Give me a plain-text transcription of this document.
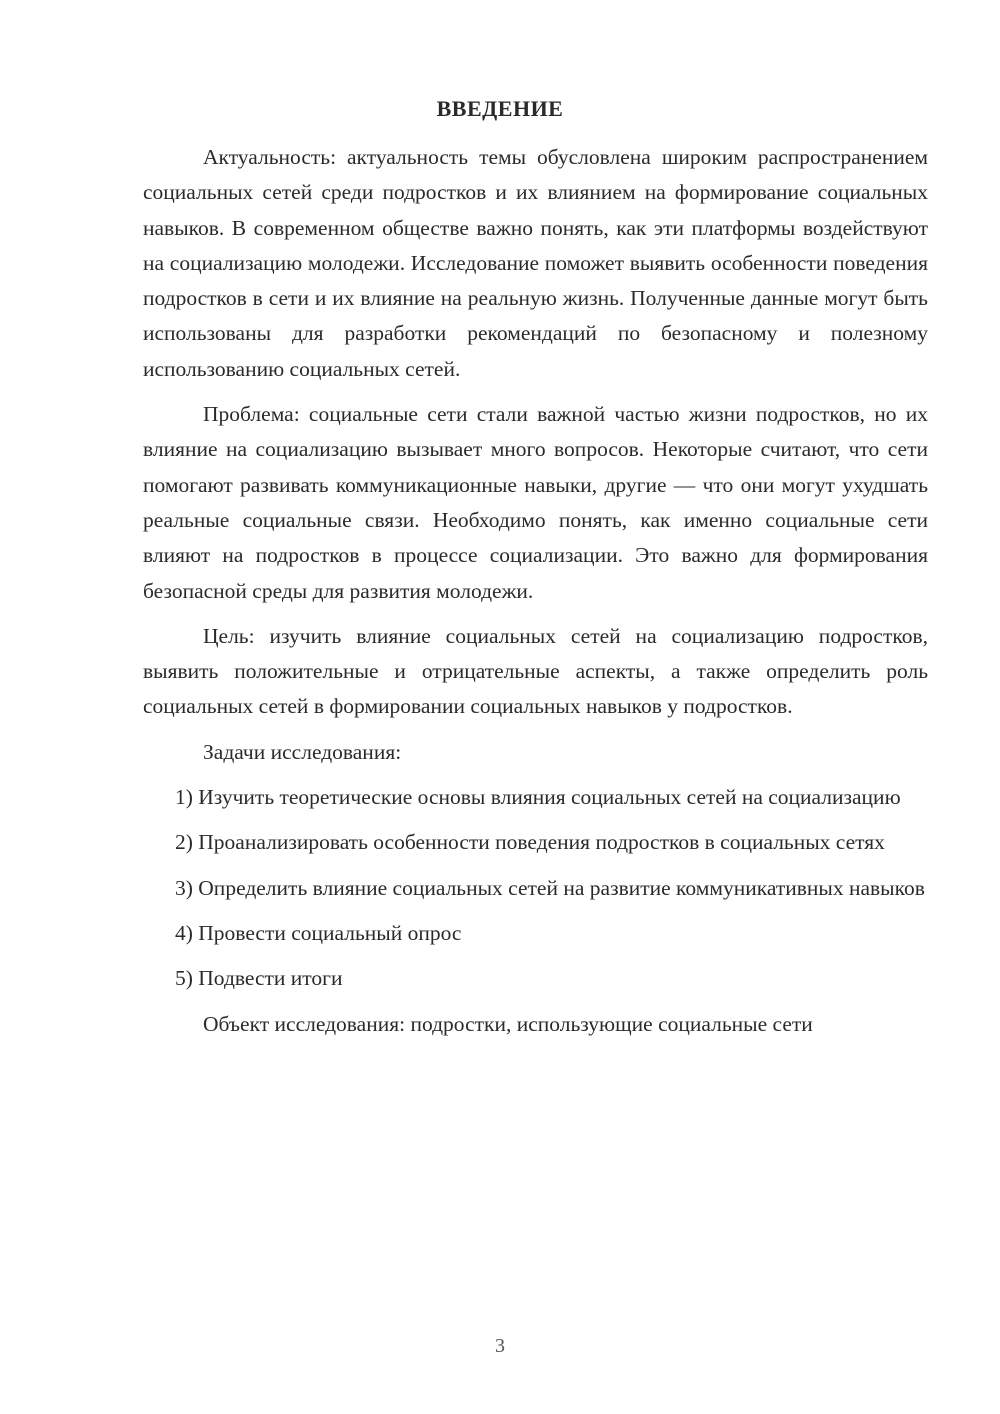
ВВЕДЕНИЕ

Актуальность: актуальность темы обусловлена широким распространением социальных сетей среди подростков и их влиянием на формирование социальных навыков. В современном обществе важно понять, как эти платформы воздействуют на социализацию молодежи. Исследование поможет выявить особенности поведения подростков в сети и их влияние на реальную жизнь. Полученные данные могут быть использованы для разработки рекомендаций по безопасному и полезному использованию социальных сетей.

Проблема: социальные сети стали важной частью жизни подростков, но их влияние на социализацию вызывает много вопросов. Некоторые считают, что сети помогают развивать коммуникационные навыки, другие — что они могут ухудшать реальные социальные связи. Необходимо понять, как именно социальные сети влияют на подростков в процессе социализации. Это важно для формирования безопасной среды для развития молодежи.

Цель: изучить влияние социальных сетей на социализацию подростков, выявить положительные и отрицательные аспекты, а также определить роль социальных сетей в формировании социальных навыков у подростков.

Задачи исследования:

1) Изучить теоретические основы влияния социальных сетей на социализацию

2) Проанализировать особенности поведения подростков в социальных сетях

3) Определить влияние социальных сетей на развитие коммуникативных навыков

4) Провести социальный опрос

5) Подвести итоги

Объект исследования: подростки, использующие социальные сети

3
